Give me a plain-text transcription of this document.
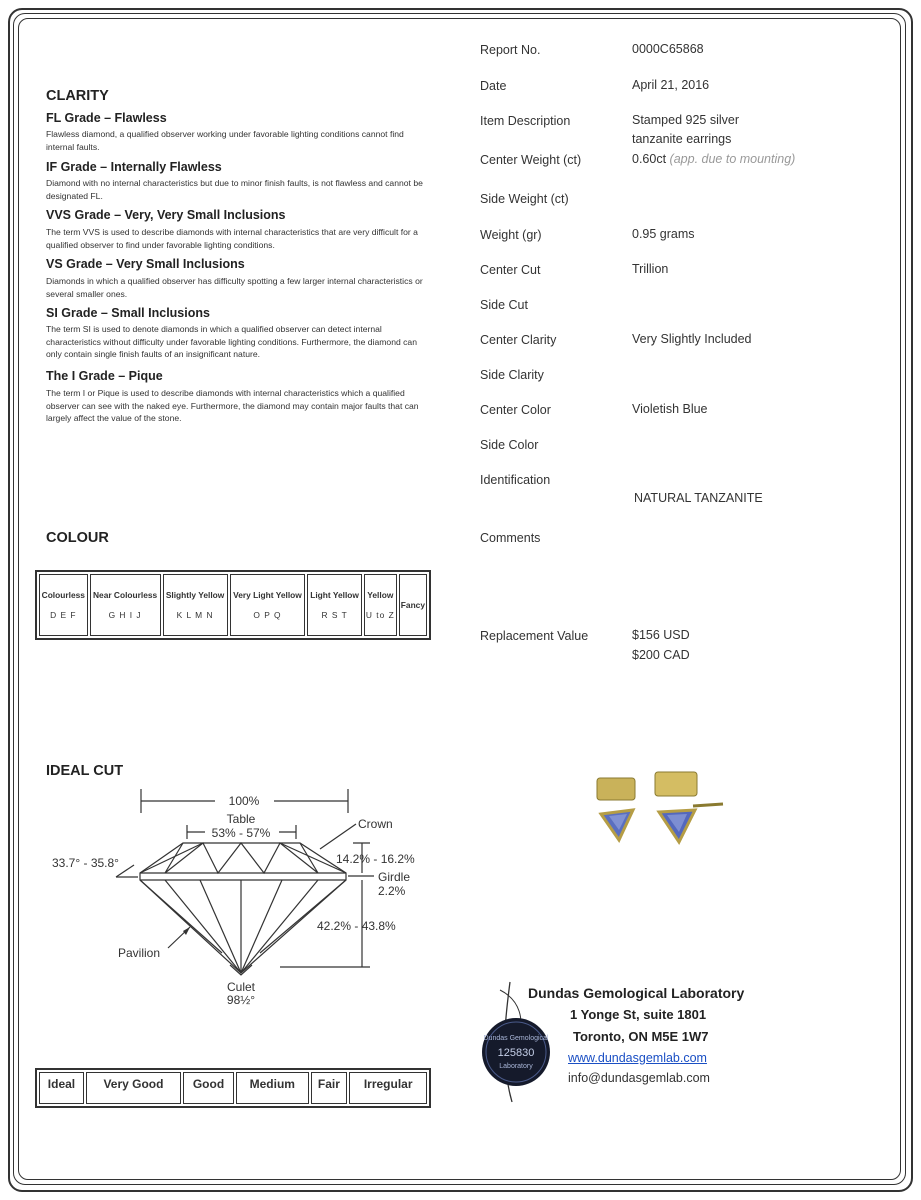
CLARITY
FL Grade – Flawless
Flawless diamond, a qualified observer working under favorable lighting conditions cannot find internal faults.
IF Grade – Internally Flawless
Diamond with no internal characteristics but due to minor finish faults, is not flawless and cannot be designated FL.
VVS Grade – Very, Very Small Inclusions
The term VVS is used to describe diamonds with internal characteristics that are very difficult for a qualified observer to find under favorable lighting conditions.
VS Grade – Very Small Inclusions
Diamonds in which a qualified observer has difficulty spotting a few larger internal characteristics or several smaller ones.
SI Grade – Small Inclusions
The term SI is used to denote diamonds in which a qualified observer can detect internal characteristics without difficulty under favorable lighting conditions. Furthermore, the diamond can only contain single finish faults of an insignificant nature.
The I Grade – Pique
The term I or Pique is used to describe diamonds with internal characteristics which a qualified observer can see with the naked eye. Furthermore, the diamond may contain major faults that can largely affect the value of the stone.
COLOUR
Colourless
D E F
	Near Colourless
G H I J
	Slightly Yellow
K L M N
	Very Light Yellow
O P Q
	Light Yellow
R S T
	Yellow
U to Z
	Fancy
IDEAL CUT
100%
Table
53% - 57%
Crown
33.7° - 35.8°	14.2% - 16.2%
Girdle
2.2%
42.2% - 43.8%
Pavilion
Culet
98½°
Ideal	Very Good	Good	Medium	Fair	Irregular
Report No.	0000C65868
Date	April 21, 2016
Item Description	Stamped 925 silver tanzanite earrings
Center Weight (ct)	0.60ct (app. due to mounting)
Side Weight (ct)
Weight (gr)	0.95 grams
Center Cut	Trillion
Side Cut
Center Clarity	Very Slightly Included
Side Clarity
Center Color	Violetish Blue
Side Color
Identification
NATURAL TANZANITE
Comments
Replacement Value	$156 USD
$200 CAD
Dundas Gemological
125830
Laboratory
Dundas Gemological Laboratory
1 Yonge St, suite 1801
Toronto, ON M5E 1W7
www.dundasgemlab.com
info@dundasgemlab.com
